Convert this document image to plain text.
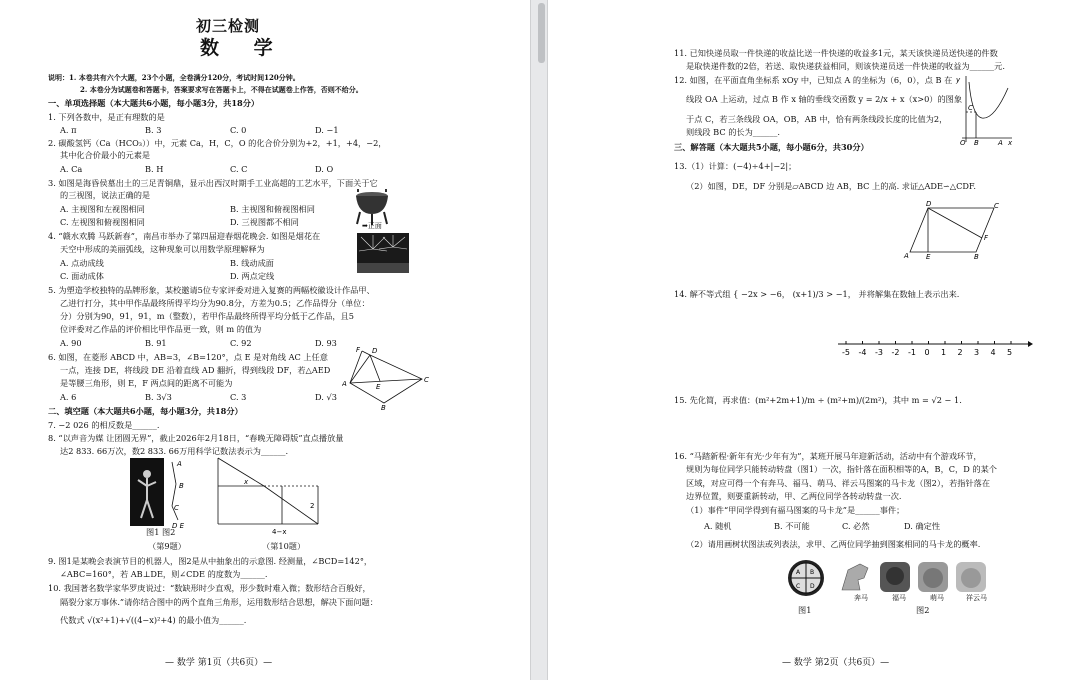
初三检测
数 学
说明：1. 本卷共有六个大题，23个小题，全卷满分120分，考试时间120分钟。
2. 本卷分为试题卷和答题卡，答案要求写在答题卡上，不得在试题卷上作答，否则不给分。
一、单项选择题（本大题共6小题，每小题3分，共18分）
1. 下列各数中，是正有理数的是
A. π	B. 3	C. 0	D. −1
2. 碳酸氢钙（Ca（HCO₃））中，元素 Ca，H，C，O 的化合价分别为+2，+1，+4，−2，
其中化合价最小的元素是
A. Ca	B. H	C. C	D. O
3. 如图是海昏侯墓出土的三足青铜鼎，显示出西汉时期手工业高超的工艺水平，下面关于它
的三视图，说法正确的是
A. 主视图和左视图相同	B. 主视图和俯视图相同
C. 左视图和俯视图相同	D. 三视图都不相同	➡正面
4. “赣水欢腾 马跃新春”，南昌市举办了第四届迎春烟花晚会. 如图是烟花在
天空中形成的美丽弧线，这种现象可以用数学原理解释为
A. 点动成线	B. 线动成面
C. 面动成体	D. 两点定线
5. 为塑造学校独特的品牌形象，某校邀请5位专家评委对进入复赛的两幅校徽设计作品甲、
乙进行打分，其中甲作品最终所得平均分为90.8分，方差为0.5；乙作品得分（单位：
分）分别为90，91，91，m（整数），若甲作品最终所得平均分低于乙作品，且5
位评委对乙作品的评价相比甲作品更一致，则 m 的值为
A. 90	B. 91	C. 92	D. 93
6. 如图，在菱形 ABCD 中，AB=3，∠B=120°，点 E 是对角线 AC 上任意
一点，连接 DE，将线段 DE 沿着直线 AD 翻折，得到线段 DF，若△AED
是等腰三角形，则 E，F 两点间的距离不可能为
A. 6	B. 3√3	C. 3	D. √3
A
D
F
C
E
B
二、填空题（本大题共6小题，每小题3分，共18分）
7. −2 026 的相反数是______.
8. “以声音为媒 让团圆无界”，截止2026年2月18日，“春晚无障碍版”直点播放量
达2 833. 66万次，数2 833. 66万用科学记数法表示为______.
A
B
C
D E
图1 图2
（第9题）
x
2
4−x
（第10题）
9. 图1是某晚会表演节目的机器人，图2是从中抽象出的示意图. 经测量，∠BCD=142°，
∠ABC=160°，若 AB⊥DE，则∠CDE 的度数为______.
10. 我国著名数学家华罗庚说过：“数缺形时少直观，形少数时难入微；数形结合百般好，
隔裂分家万事休.”请你结合图中的两个直角三角形，运用数形结合思想，解决下面问题：
代数式 √(x²+1)+√((4−x)²+4) 的最小值为______.
— 数学 第1页（共6页）—
11. 已知快递员取一件快递的收益比送一件快递的收益多1元，某天该快递员送快递的件数
是取快递件数的2倍，若送、取快递获益相同，则该快递员送一件快递的收益为______元.
12. 如图，在平面直角坐标系 xOy 中，已知点 A 的坐标为（6，0），点 B 在
线段 OA 上运动，过点 B 作 x 轴的垂线交函数 y = 2/x + x（x>0）的图象
于点 C，若三条线段 OA，OB，AB 中，恰有两条线段长度的比值为2，
则线段 BC 的长为______.
y
C
O B	A x
三、解答题（本大题共5小题，每小题6分，共30分）
13.（1）计算：(−4)÷4+|−2|；
（2）如图，DE，DF 分别是▱ABCD 边 AB，BC 上的高. 求证△ADE∽△CDF.
D	C
A E	B
F
14. 解不等式组 { −2x > −6， (x+1)/3 > −1， 并将解集在数轴上表示出来.
-5 -4 -3 -2 -1 0 1 2 3 4 5
15. 先化简，再求值：(m²+2m+1)/m ÷ (m²+m)/(2m²)，其中 m = √2 − 1.
16. “马踏新程·新年有光·少年有为”，某班开展马年迎新活动，活动中有个游戏环节，
规则为每位同学只能转动转盘（图1）一次，指针落在面积相等的A，B，C，D 的某个
区域，对应可得一个有奔马、福马、萌马、祥云马图案的马卡龙（图2），若指针落在
边界位置，则要重新转动，甲、乙两位同学各转动转盘一次.
（1）事件“甲同学得到有福马图案的马卡龙”是______事件；
A. 随机	B. 不可能	C. 必然	D. 确定性
（2）请用画树状图法或列表法，求甲、乙两位同学抽到图案相同的马卡龙的概率.
A B
C D
奔马	福马	萌马	祥云马
图1	图2
— 数学 第2页（共6页）—
